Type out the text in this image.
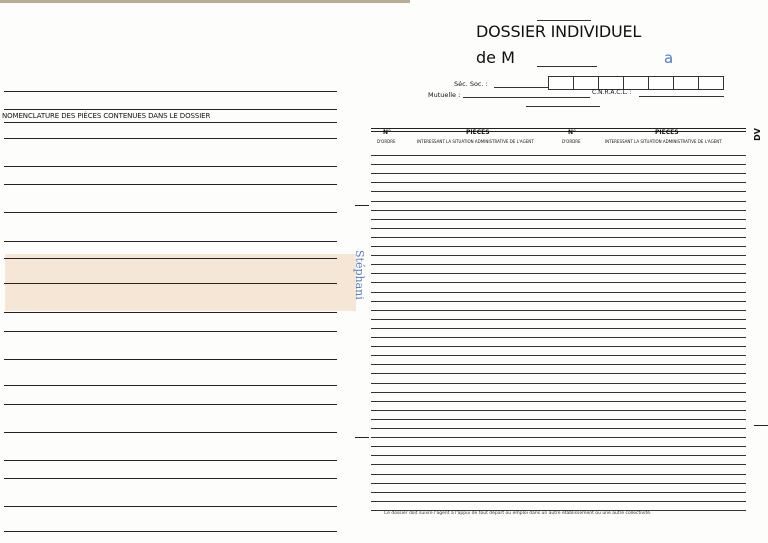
DOSSIER INDIVIDUEL
de M	a
Séc. Soc. :
Mutuelle :	C.N.R.A.C.L. :
NOMENCLATURE DES PIÈCES CONTENUES DANS LE DOSSIER
Stéphani
N°
D'ORDRE
PIÈCES
INTERESSANT LA SITUATION ADMINISTRATIVE DE L'AGENT
N°
D'ORDRE
PIÈCES
INTERESSANT LA SITUATION ADMINISTRATIVE DE L'AGENT
DV
Ce dossier doit suivre l'agent à l'appui de tout départ ou emploi dans un autre établissement ou une autre collectivité.
